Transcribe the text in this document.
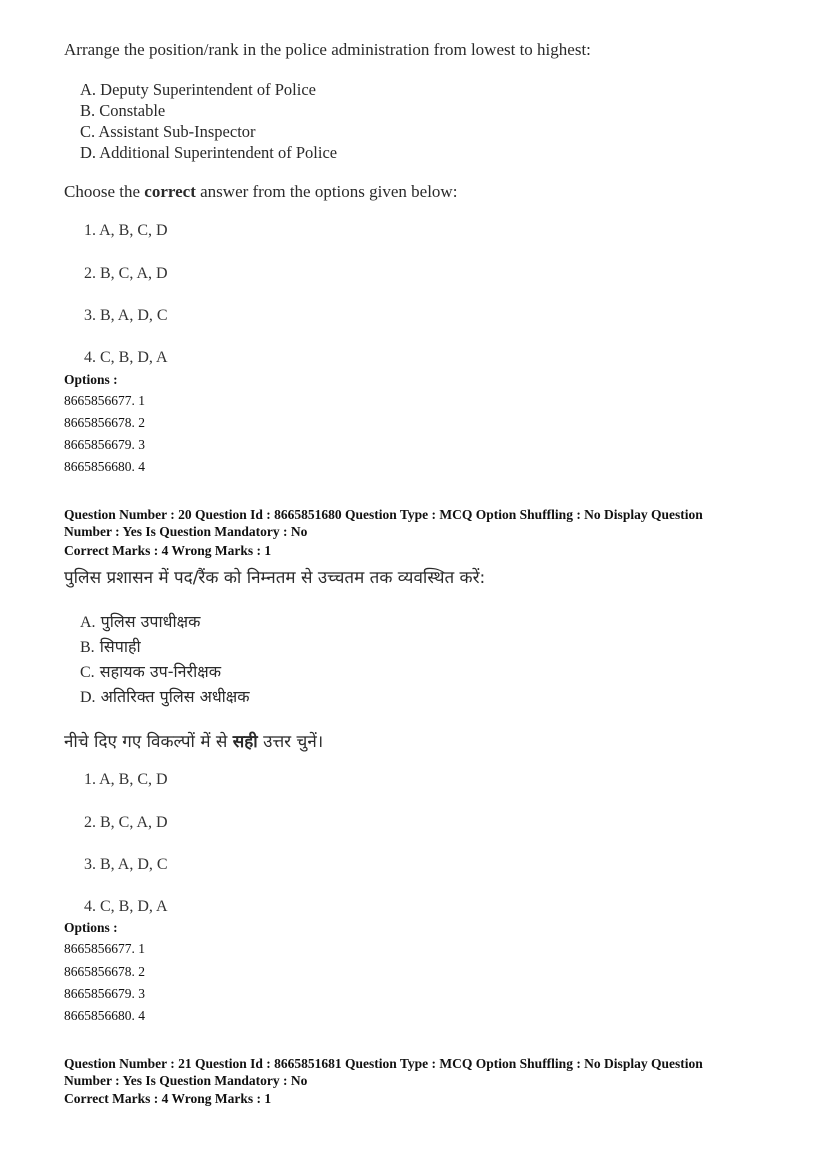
Arrange the position/rank in the police administration from lowest to highest:
A. Deputy Superintendent of Police
B. Constable
C. Assistant Sub-Inspector
D. Additional Superintendent of Police
Choose the correct answer from the options given below:
1. A, B, C, D
2. B, C, A, D
3. B, A, D, C
4. C, B, D, A
Options :
8665856677. 1
8665856678. 2
8665856679. 3
8665856680. 4
Question Number : 20 Question Id : 8665851680 Question Type : MCQ Option Shuffling : No Display Question
Number : Yes Is Question Mandatory : No
Correct Marks : 4 Wrong Marks : 1
पुलिस प्रशासन में पद/रैंक को निम्नतम से उच्चतम तक व्यवस्थित करें:
A. पुलिस उपाधीक्षक
B. सिपाही
C. सहायक उप-निरीक्षक
D. अतिरिक्त पुलिस अधीक्षक
नीचे दिए गए विकल्पों में से सही उत्तर चुनें।
1. A, B, C, D
2. B, C, A, D
3. B, A, D, C
4. C, B, D, A
Options :
8665856677. 1
8665856678. 2
8665856679. 3
8665856680. 4
Question Number : 21 Question Id : 8665851681 Question Type : MCQ Option Shuffling : No Display Question
Number : Yes Is Question Mandatory : No
Correct Marks : 4 Wrong Marks : 1
